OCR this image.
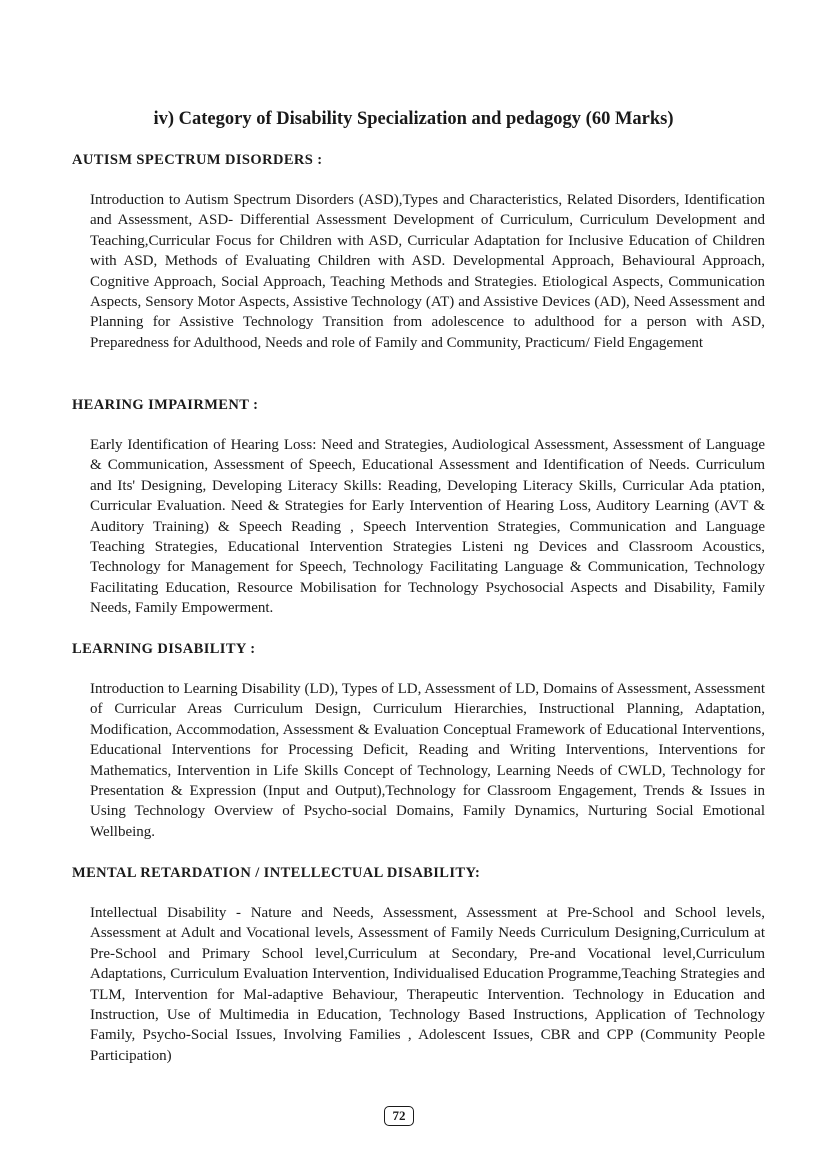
iv) Category of Disability Specialization and pedagogy (60 Marks)
AUTISM SPECTRUM DISORDERS :

Introduction to Autism Spectrum Disorders (ASD),Types and Characteristics, Related Disorders, Identification and Assessment, ASD- Differential Assessment Development of Curriculum, Curriculum Development and Teaching,Curricular Focus for Children with ASD, Curricular Adaptation for Inclusive Education of Children with ASD, Methods of Evaluating Children with ASD. Developmental Approach, Behavioural Approach, Cognitive Approach, Social Approach, Teaching Methods and Strategies. Etiological Aspects, Communication Aspects, Sensory Motor Aspects, Assistive Technology (AT) and Assistive Devices (AD), Need Assessment and Planning for Assistive Technology Transition from adolescence to adulthood for a person with ASD, Preparedness for Adulthood, Needs and role of Family and Community, Practicum/ Field Engagement

HEARING IMPAIRMENT :

Early Identification of Hearing Loss: Need and Strategies, Audiological Assessment, Assessment of Language & Communication, Assessment of Speech, Educational Assessment and Identification of Needs. Curriculum and Its' Designing, Developing Literacy Skills: Reading, Developing Literacy Skills, Curricular Ada ptation, Curricular Evaluation. Need & Strategies for Early Intervention of Hearing Loss, Auditory Learning (AVT & Auditory Training) & Speech Reading , Speech Intervention Strategies, Communication and Language Teaching Strategies, Educational Intervention Strategies Listeni ng Devices and Classroom Acoustics, Technology for Management for Speech, Technology Facilitating Language & Communication, Technology Facilitating Education, Resource Mobilisation for Technology Psychosocial Aspects and Disability, Family Needs, Family Empowerment.

LEARNING DISABILITY :

Introduction to Learning Disability (LD), Types of LD, Assessment of LD, Domains of Assessment, Assessment of Curricular Areas Curriculum Design, Curriculum Hierarchies, Instructional Planning, Adaptation, Modification, Accommodation, Assessment & Evaluation Conceptual Framework of Educational Interventions, Educational Interventions for Processing Deficit, Reading and Writing Interventions, Interventions for Mathematics, Intervention in Life Skills Concept of Technology, Learning Needs of CWLD, Technology for Presentation & Expression (Input and Output),Technology for Classroom Engagement, Trends & Issues in Using Technology Overview of Psycho-social Domains, Family Dynamics, Nurturing Social Emotional Wellbeing.

MENTAL RETARDATION / INTELLECTUAL DISABILITY:

Intellectual Disability - Nature and Needs, Assessment, Assessment at Pre-School and School levels, Assessment at Adult and Vocational levels, Assessment of Family Needs Curriculum Designing,Curriculum at Pre-School and Primary School level,Curriculum at Secondary, Pre-and Vocational level,Curriculum Adaptations, Curriculum Evaluation Intervention, Individualised Education Programme,Teaching Strategies and TLM, Intervention for Mal-adaptive Behaviour, Therapeutic Intervention. Technology in Education and Instruction, Use of Multimedia in Education, Technology Based Instructions, Application of Technology Family, Psycho-Social Issues, Involving Families , Adolescent Issues, CBR and CPP (Community People Participation)

72
